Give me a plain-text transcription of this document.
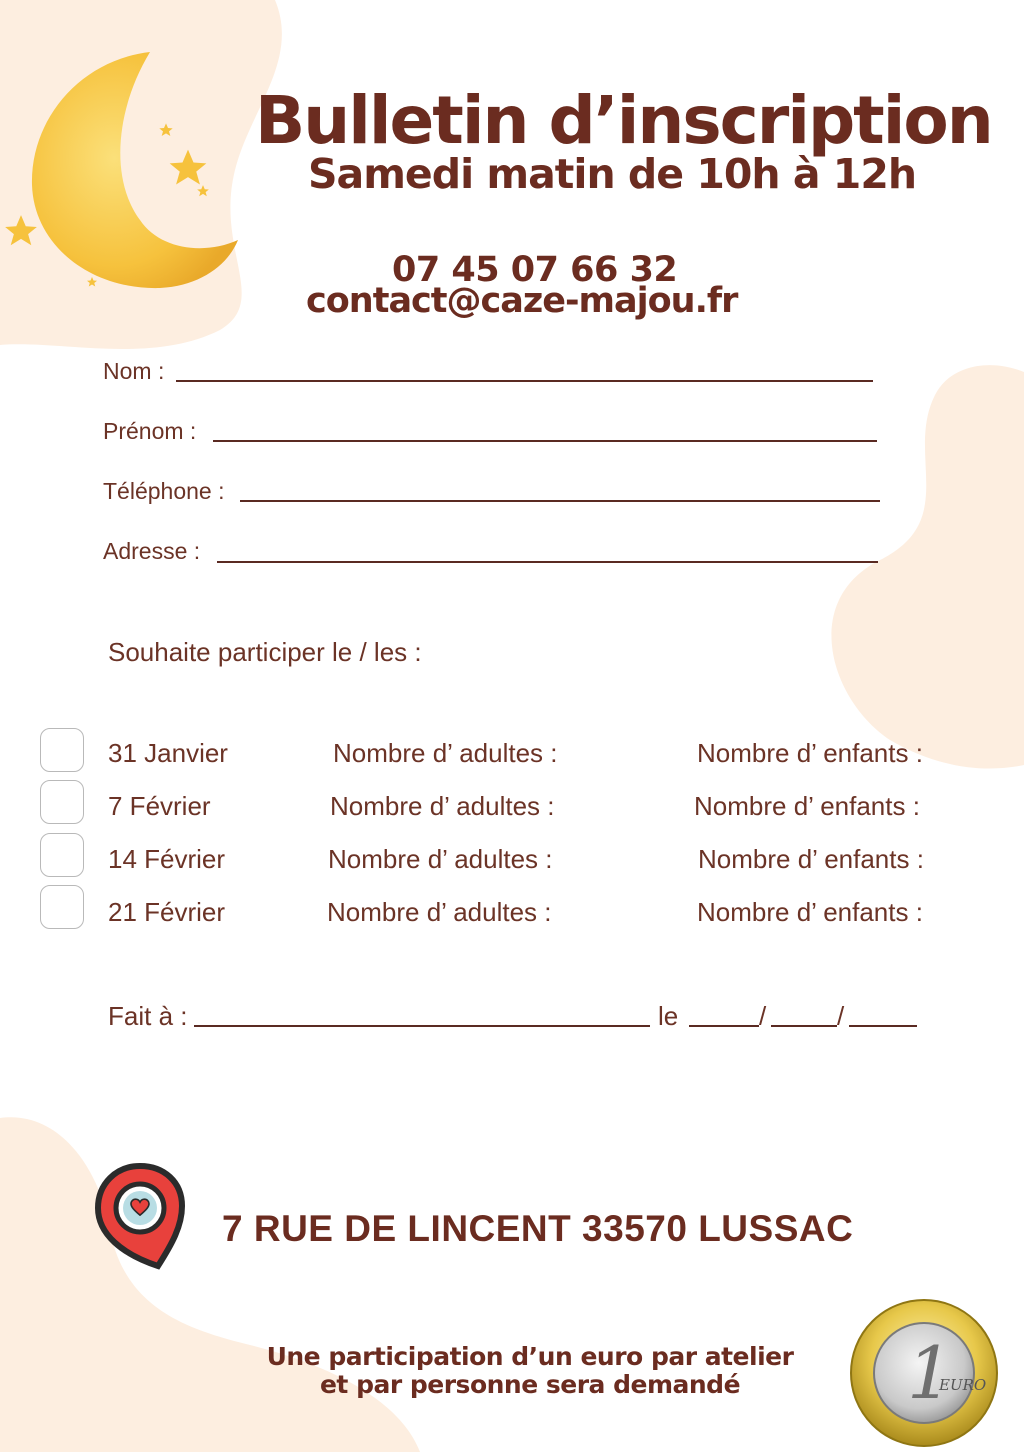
Bulletin d’inscription
Samedi matin de 10h à 12h
07 45 07 66 32
contact@caze-majou.fr
Nom :
Prénom :
Téléphone :
Adresse :
Souhaite participer le / les :
31 Janvier	Nombre d’ adultes :	Nombre d’ enfants :
7 Février	Nombre d’ adultes :	Nombre d’ enfants :
14 Février	Nombre d’ adultes :	Nombre d’ enfants :
21 Février	Nombre d’ adultes :	Nombre d’ enfants :
Fait à :	le	/	/
7 RUE DE LINCENT 33570 LUSSAC
Une participation d’un euro par atelier
et par personne sera demandé	1
EURO
